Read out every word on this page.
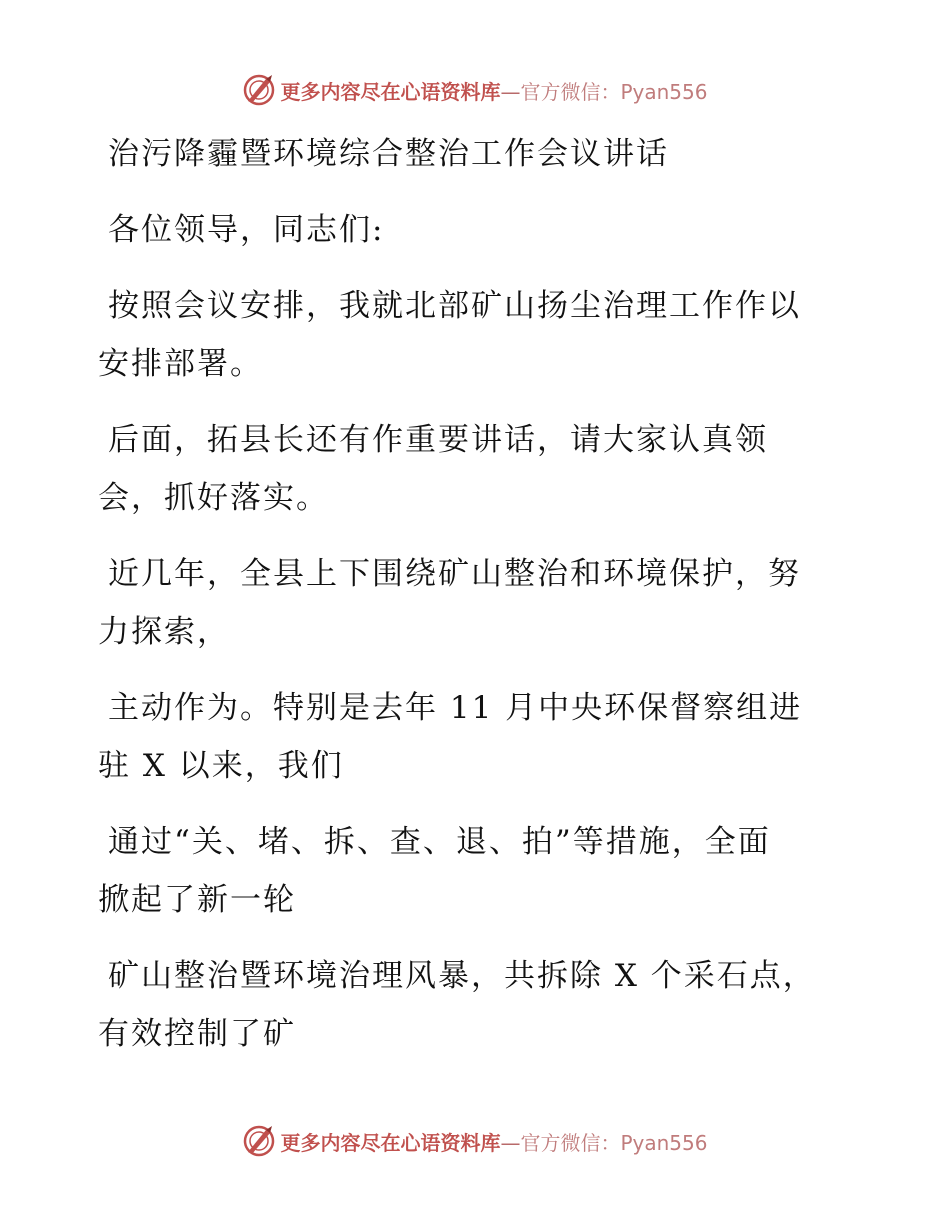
更多内容尽在心语资料库—官方微信：Pyan556
治污降霾暨环境综合整治工作会议讲话
各位领导，同志们:
按照会议安排，我就北部矿山扬尘治理工作作以
安排部署。
后面，拓县长还有作重要讲话，请大家认真领
会，抓好落实。
近几年，全县上下围绕矿山整治和环境保护，努
力探索，
主动作为。特别是去年 11 月中央环保督察组进
驻 X 以来，我们
通过“关、堵、拆、查、退、拍”等措施，全面
掀起了新一轮
矿山整治暨环境治理风暴，共拆除 X 个采石点，
有效控制了矿
更多内容尽在心语资料库—官方微信：Pyan556
